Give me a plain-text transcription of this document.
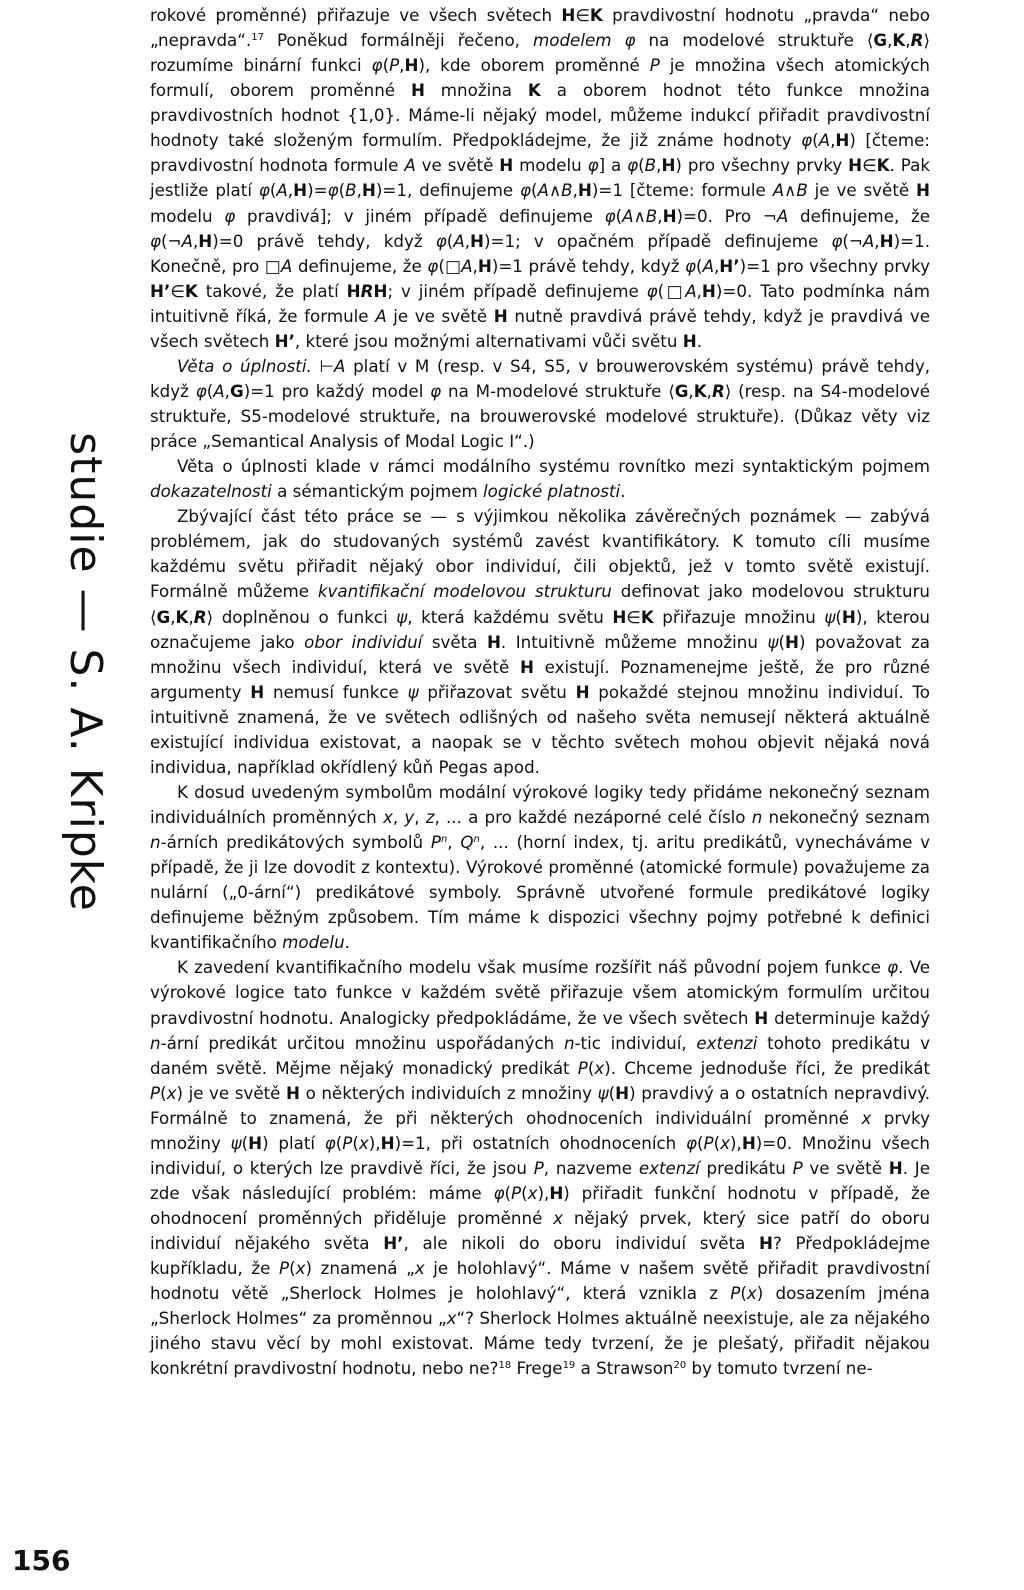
studie — S. A. Kripke
156

rokové proměnné) přiřazuje ve všech světech H∈K pravdivostní hodnotu „pravda“ nebo „nepravda“.$^{17}$ Poněkud formálněji řečeno, modelem φ na modelové struktuře ⟨G,K,R⟩ rozumíme binární funkci φ(P,H), kde oborem proměnné P je množina všech atomických formulí, oborem proměnné H množina K a oborem hodnot této funkce množina pravdivostních hodnot {1,0}. Máme-li nějaký model, můžeme indukcí přiřadit pravdivostní hodnoty také složeným formulím. Předpokládejme, že již známe hodnoty φ(A,H) [čteme: pravdivostní hodnota formule A ve světě H modelu φ] a φ(B,H) pro všechny prvky H∈K. Pak jestliže platí φ(A,H)=φ(B,H)=1, definujeme φ(A∧B,H)=1 [čteme: formule A∧B je ve světě H modelu φ pravdivá]; v jiném případě definujeme φ(A∧B,H)=0. Pro ¬A definujeme, že φ(¬A,H)=0 právě tehdy, když φ(A,H)=1; v opačném případě definujeme φ(¬A,H)=1. Konečně, pro □A definujeme, že φ(□A,H)=1 právě tehdy, když φ(A,H’)=1 pro všechny prvky H’∈K takové, že platí HRH; v jiném případě definujeme φ(□A,H)=0. Tato podmínka nám intuitivně říká, že formule A je ve světě H nutně pravdivá právě tehdy, když je pravdivá ve všech světech H’, které jsou možnými alternativami vůči světu H.

Věta o úplnosti. ⊢A platí v M (resp. v S4, S5, v brouwerovském systému) právě tehdy, když φ(A,G)=1 pro každý model φ na M-modelové struktuře ⟨G,K,R⟩ (resp. na S4-modelové struktuře, S5-modelové struktuře, na brouwerovské modelové struktuře). (Důkaz věty viz práce „Semantical Analysis of Modal Logic I“.)

Věta o úplnosti klade v rámci modálního systému rovnítko mezi syntaktickým pojmem dokazatelnosti a sémantickým pojmem logické platnosti.

Zbývající část této práce se — s výjimkou několika závěrečných poznámek — zabývá problémem, jak do studovaných systémů zavést kvantifikátory. K tomuto cíli musíme každému světu přiřadit nějaký obor individuí, čili objektů, jež v tomto světě existují. Formálně můžeme kvantifikační modelovou strukturu definovat jako modelovou strukturu ⟨G,K,R⟩ doplněnou o funkci ψ, která každému světu H∈K přiřazuje množinu ψ(H), kterou označujeme jako obor individuí světa H. Intuitivně můžeme množinu ψ(H) považovat za množinu všech individuí, která ve světě H existují. Poznamenejme ještě, že pro různé argumenty H nemusí funkce ψ přiřazovat světu H pokaždé stejnou množinu individuí. To intuitivně znamená, že ve světech odlišných od našeho světa nemusejí některá aktuálně existující individua existovat, a naopak se v těchto světech mohou objevit nějaká nová individua, například okřídlený kůň Pegas apod.

K dosud uvedeným symbolům modální výrokové logiky tedy přidáme nekonečný seznam individuálních proměnných x, y, z, ... a pro každé nezáporné celé číslo n nekonečný seznam n-árních predikátových symbolů $P^n$, $Q^n$, ... (horní index, tj. aritu predikátů, vynecháváme v případě, že ji lze dovodit z kontextu). Výrokové proměnné (atomické formule) považujeme za nulární („0-ární“) predikátové symboly. Správně utvořené formule predikátové logiky definujeme běžným způsobem. Tím máme k dispozici všechny pojmy potřebné k definici kvantifikačního modelu.

K zavedení kvantifikačního modelu však musíme rozšířit náš původní pojem funkce φ. Ve výrokové logice tato funkce v každém světě přiřazuje všem atomickým formulím určitou pravdivostní hodnotu. Analogicky předpokládáme, že ve všech světech H determinuje každý n-ární predikát určitou množinu uspořádaných n-tic individuí, extenzi tohoto predikátu v daném světě. Mějme nějaký monadický predikát P(x). Chceme jednoduše říci, že predikát P(x) je ve světě H o některých individuích z množiny ψ(H) pravdivý a o ostatních nepravdivý. Formálně to znamená, že při některých ohodnoceních individuální proměnné x prvky množiny ψ(H) platí φ(P(x),H)=1, při ostatních ohodnoceních φ(P(x),H)=0. Množinu všech individuí, o kterých lze pravdivě říci, že jsou P, nazveme extenzí predikátu P ve světě H. Je zde však následující problém: máme φ(P(x),H) přiřadit funkční hodnotu v případě, že ohodnocení proměnných přiděluje proměnné x nějaký prvek, který sice patří do oboru individuí nějakého světa H’, ale nikoli do oboru individuí světa H? Předpokládejme kupříkladu, že P(x) znamená „x je holohlavý“. Máme v našem světě přiřadit pravdivostní hodnotu větě „Sherlock Holmes je holohlavý“, která vznikla z P(x) dosazením jména „Sherlock Holmes“ za proměnnou „x“? Sherlock Holmes aktuálně neexistuje, ale za nějakého jiného stavu věcí by mohl existovat. Máme tedy tvrzení, že je plešatý, přiřadit nějakou konkrétní pravdivostní hodnotu, nebo ne?$^{18}$ Frege$^{19}$ a Strawson$^{20}$ by tomuto tvrzení ne-
